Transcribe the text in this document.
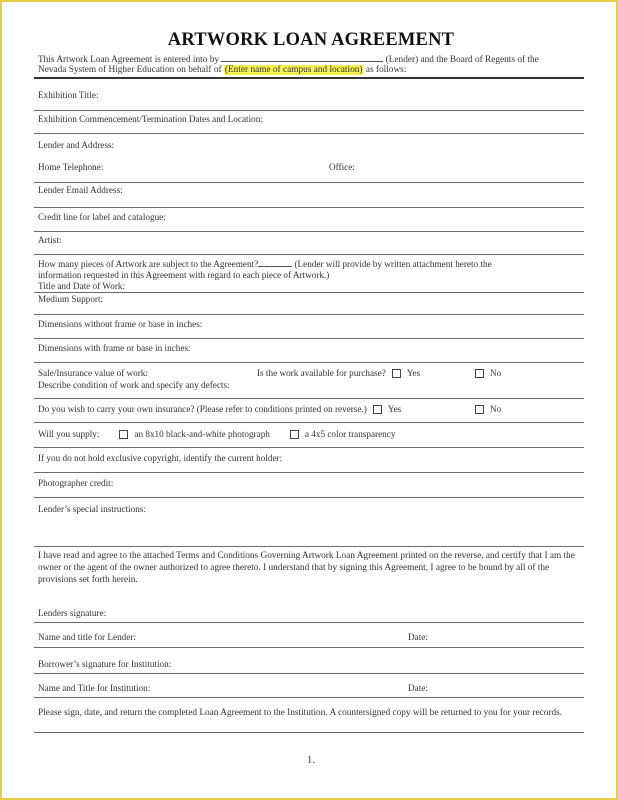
ARTWORK LOAN AGREEMENT
This Artwork Loan Agreement is entered into by	(Lender) and the Board of Regents of the
Nevada System of Higher Education on behalf of (Enter name of campus and location) as follows:
Exhibition Title:
Exhibition Commencement/Termination Dates and Location:
Lender and Address:
Home Telephone:	Office:
Lender Email Address:
Credit line for label and catalogue:
Artist:
How many pieces of Artwork are subject to the Agreement?	(Lender will provide by written attachment hereto the
information requested in this Agreement with regard to each piece of Artwork.)
Title and Date of Work:
Medium Support:
Dimensions without frame or base in inches:
Dimensions with frame or base in inches:
Sale/Insurance value of work:	Is the work available for purchase? Yes	No
Describe condition of work and specify any defects:
Do you wish to carry your own insurance? (Please refer to conditions printed on reverse.) Yes	No
Will you supply:	an 8x10 black-and-white photograph	a 4x5 color transparency
If you do not hold exclusive copyright, identify the current holder:
Photographer credit:
Lender’s special instructions:
I have read and agree to the attached Terms and Conditions Governing Artwork Loan Agreement printed on the reverse, and certify that I am the owner or the agent of the owner authorized to agree thereto. I understand that by signing this Agreement, I agree to be bound by all of the provisions set forth herein.
Lenders signature:
Name and title for Lender:	Date:
Borrower’s signature for Institution:
Name and Title for Institution:	Date:
Please sign, date, and return the completed Loan Agreement to the Institution. A countersigned copy will be returned to you for your records.
1.
